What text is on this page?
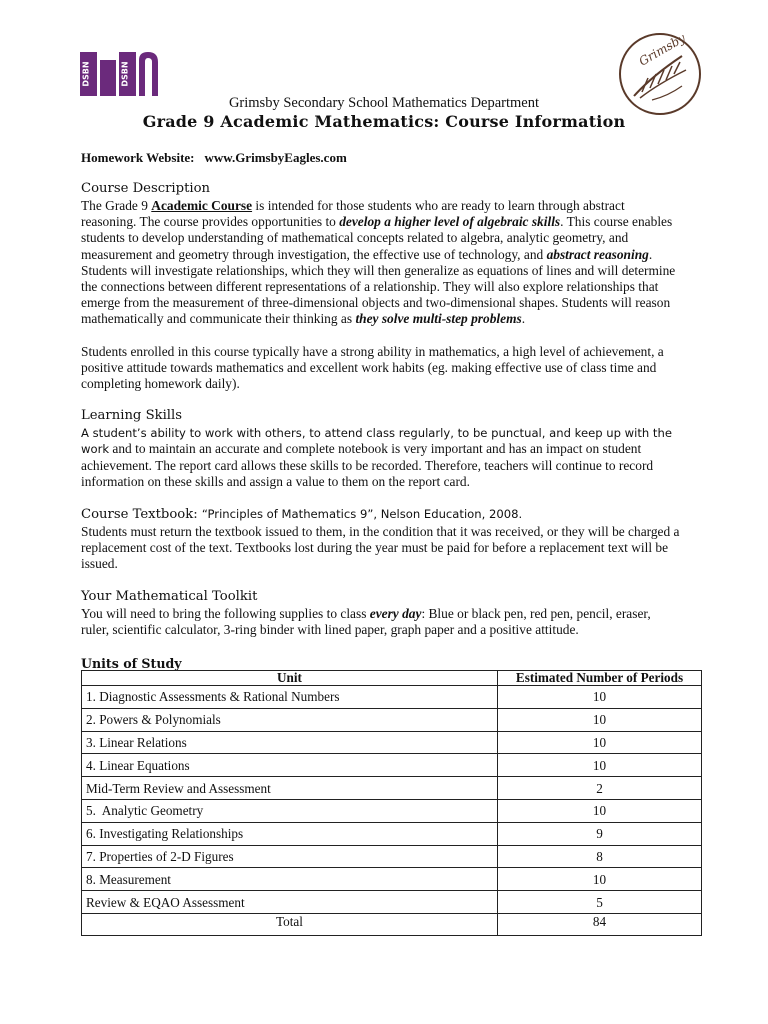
DSBN	DSBN
Grimsby
Grimsby Secondary School Mathematics Department
Grade 9 Academic Mathematics: Course Information
Homework Website: www.GrimsbyEagles.com
Course Description

The Grade 9 Academic Course is intended for those students who are ready to learn through abstract reasoning. The course provides opportunities to develop a higher level of algebraic skills. This course enables students to develop understanding of mathematical concepts related to algebra, analytic geometry, and measurement and geometry through investigation, the effective use of technology, and abstract reasoning. Students will investigate relationships, which they will then generalize as equations of lines and will determine the connections between different representations of a relationship. They will also explore relationships that emerge from the measurement of three-dimensional objects and two-dimensional shapes. Students will reason mathematically and communicate their thinking as they solve multi-step problems.

Students enrolled in this course typically have a strong ability in mathematics, a high level of achievement, a positive attitude towards mathematics and excellent work habits (eg. making effective use of class time and completing homework daily).

Learning Skills

A student’s ability to work with others, to attend class regularly, to be punctual, and keep up with the work and to maintain an accurate and complete notebook is very important and has an impact on student achievement. The report card allows these skills to be recorded. Therefore, teachers will continue to record information on these skills and assign a value to them on the report card.

Course Textbook: “Principles of Mathematics 9”, Nelson Education, 2008.

Students must return the textbook issued to them, in the condition that it was received, or they will be charged a replacement cost of the text. Textbooks lost during the year must be paid for before a replacement text will be issued.

Your Mathematical Toolkit

You will need to bring the following supplies to class every day: Blue or black pen, red pen, pencil, eraser, ruler, scientific calculator, 3-ring binder with lined paper, graph paper and a positive attitude.

Units of Study
Unit	Estimated Number of Periods
1. Diagnostic Assessments & Rational Numbers	10
2. Powers & Polynomials	10
3. Linear Relations	10
4. Linear Equations	10
Mid-Term Review and Assessment	2
5.  Analytic Geometry	10
6. Investigating Relationships	9
7. Properties of 2-D Figures	8
8. Measurement	10
Review & EQAO Assessment	5
Total	84
